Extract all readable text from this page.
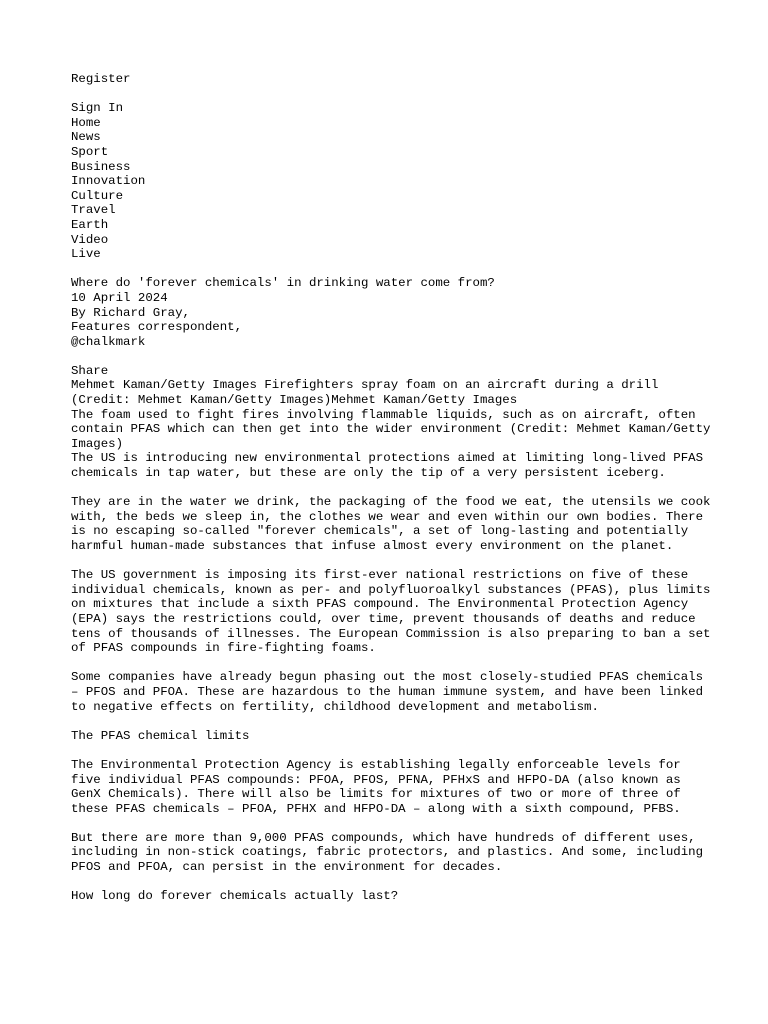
Register
Sign In
Home
News
Sport
Business
Innovation
Culture
Travel
Earth
Video
Live
Where do 'forever chemicals' in drinking water come from?
10 April 2024
By Richard Gray,
Features correspondent,
@chalkmark
Share
Mehmet Kaman/Getty Images Firefighters spray foam on an aircraft during a drill (Credit: Mehmet Kaman/Getty Images)Mehmet Kaman/Getty Images
The foam used to fight fires involving flammable liquids, such as on aircraft, often contain PFAS which can then get into the wider environment (Credit: Mehmet Kaman/Getty Images)

The US is introducing new environmental protections aimed at limiting long-lived PFAS chemicals in tap water, but these are only the tip of a very persistent iceberg.

They are in the water we drink, the packaging of the food we eat, the utensils we cook with, the beds we sleep in, the clothes we wear and even within our own bodies. There is no escaping so-called "forever chemicals", a set of long-lasting and potentially harmful human-made substances that infuse almost every environment on the planet.

The US government is imposing its first-ever national restrictions on five of these individual chemicals, known as per- and polyfluoroalkyl substances (PFAS), plus limits on mixtures that include a sixth PFAS compound. The Environmental Protection Agency (EPA) says the restrictions could, over time, prevent thousands of deaths and reduce tens of thousands of illnesses. The European Commission is also preparing to ban a set of PFAS compounds in fire-fighting foams.

Some companies have already begun phasing out the most closely-studied PFAS chemicals – PFOS and PFOA. These are hazardous to the human immune system, and have been linked to negative effects on fertility, childhood development and metabolism.

The PFAS chemical limits

The Environmental Protection Agency is establishing legally enforceable levels for five individual PFAS compounds: PFOA, PFOS, PFNA, PFHxS and HFPO-DA (also known as GenX Chemicals). There will also be limits for mixtures of two or more of three of these PFAS chemicals – PFOA, PFHX and HFPO-DA – along with a sixth compound, PFBS.

But there are more than 9,000 PFAS compounds, which have hundreds of different uses, including in non-stick coatings, fabric protectors, and plastics. And some, including PFOS and PFOA, can persist in the environment for decades.

How long do forever chemicals actually last?
